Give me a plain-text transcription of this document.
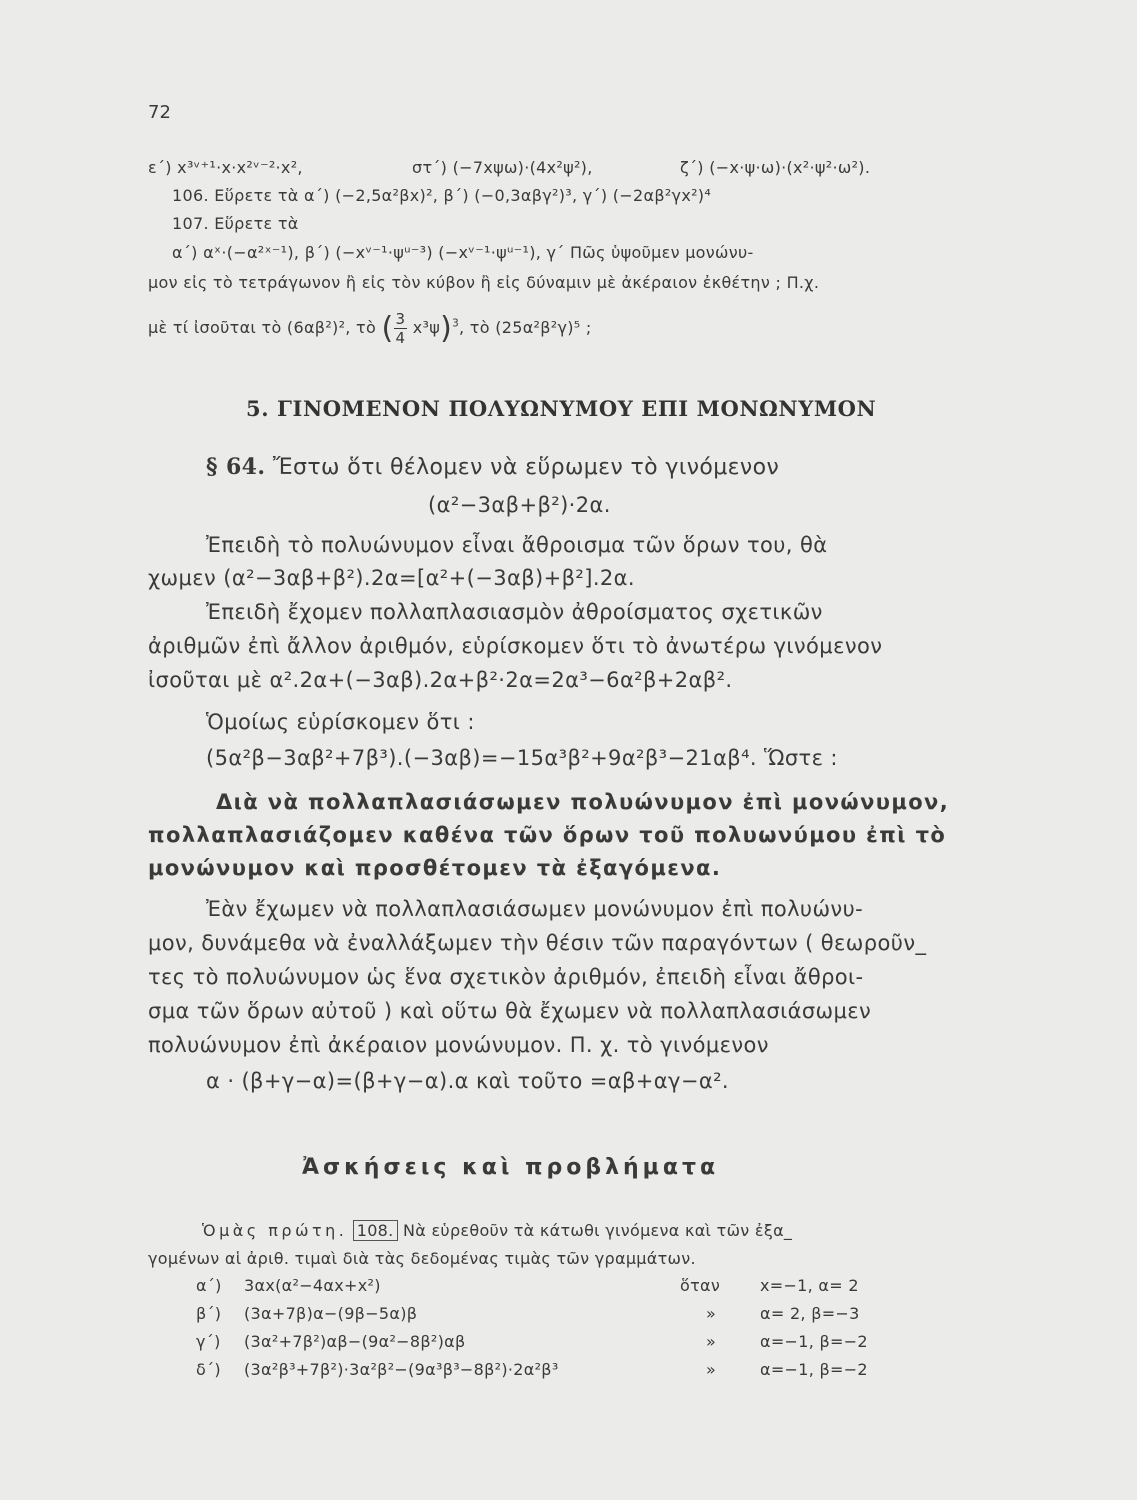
72
ε΄) x³ᵛ⁺¹·x·x²ᵛ⁻²·x²,	στ΄) (−7xψω)·(4x²ψ²),	ζ΄) (−x·ψ·ω)·(x²·ψ²·ω²).
106. Εὕρετε τὰ α΄) (−2,5α²βx)², β΄) (−0,3αβγ²)³, γ΄) (−2αβ²γx²)⁴
107. Εὕρετε τὰ
α΄) αˣ·(−α²ˣ⁻¹), β΄) (−xᵛ⁻¹·ψᵘ⁻³) (−xᵛ⁻¹·ψᵘ⁻¹), γ΄ Πῶς ὑψοῦμεν μονώνυ-
μον εἰς τὸ τετράγωνον ἢ εἰς τὸν κύβον ἢ εἰς δύναμιν μὲ ἀκέραιον ἐκθέτην ; Π.χ.
μὲ τί ἰσοῦται τὸ (6αβ²)², τὸ ( $\frac{3}{4} x^3\psi)^3$, τὸ (25α²β²γ)⁵ ;
5. ΓΙΝΟΜΕΝΟΝ ΠΟΛΥΩΝΥΜΟΥ ΕΠΙ ΜΟΝΩΝΥΜΟΝ
§ 64. Ἔστω ὅτι θέλομεν νὰ εὕρωμεν τὸ γινόμενον
(α²−3αβ+β²)·2α.
Ἐπειδὴ τὸ πολυώνυμον εἶναι ἄθροισμα τῶν ὅρων του, θὰ
χωμεν (α²−3αβ+β²).2α=[α²+(−3αβ)+β²].2α.
Ἐπειδὴ ἔχομεν πολλαπλασιασμὸν ἀθροίσματος σχετικῶν
ἀριθμῶν ἐπὶ ἄλλον ἀριθμόν, εὑρίσκομεν ὅτι τὸ ἀνωτέρω γινόμενον
ἰσοῦται μὲ α².2α+(−3αβ).2α+β²·2α=2α³−6α²β+2αβ².
Ὁμοίως εὑρίσκομεν ὅτι :
(5α²β−3αβ²+7β³).(−3αβ)=−15α³β²+9α²β³−21αβ⁴. Ὥστε :
Διὰ νὰ πολλαπλασιάσωμεν πολυώνυμον ἐπὶ μονώνυμον,
πολλαπλασιάζομεν καθένα τῶν ὅρων τοῦ πολυωνύμου ἐπὶ τὸ
μονώνυμον καὶ προσθέτομεν τὰ ἐξαγόμενα.
Ἐὰν ἔχωμεν νὰ πολλαπλασιάσωμεν μονώνυμον ἐπὶ πολυώνυ-
μον, δυνάμεθα νὰ ἐναλλάξωμεν τὴν θέσιν τῶν παραγόντων ( θεωροῦν_
τες τὸ πολυώνυμον ὡς ἕνα σχετικὸν ἀριθμόν, ἐπειδὴ εἶναι ἄθροι-
σμα τῶν ὅρων αὐτοῦ ) καὶ οὕτω θὰ ἔχωμεν νὰ πολλαπλασιάσωμεν
πολυώνυμον ἐπὶ ἀκέραιον μονώνυμον. Π. χ. τὸ γινόμενον
α · (β+γ−α)=(β+γ−α).α καὶ τοῦτο =αβ+αγ−α².
Ἀσκήσεις καὶ προβλήματα
Ὁμὰς πρώτη. 108. Νὰ εὑρεθοῦν τὰ κάτωθι γινόμενα καὶ τῶν ἐξα_
γομένων αἱ ἀριθ. τιμαὶ διὰ τὰς δεδομένας τιμὰς τῶν γραμμάτων.
α΄) 3αx(α²−4αx+x²)	ὅταν x=−1, α= 2
β΄) (3α+7β)α−(9β−5α)β	»	α= 2, β=−3
γ΄) (3α²+7β²)αβ−(9α²−8β²)αβ	»	α=−1, β=−2
δ΄) (3α²β³+7β²)·3α²β²−(9α³β³−8β²)·2α²β³	»	α=−1, β=−2
